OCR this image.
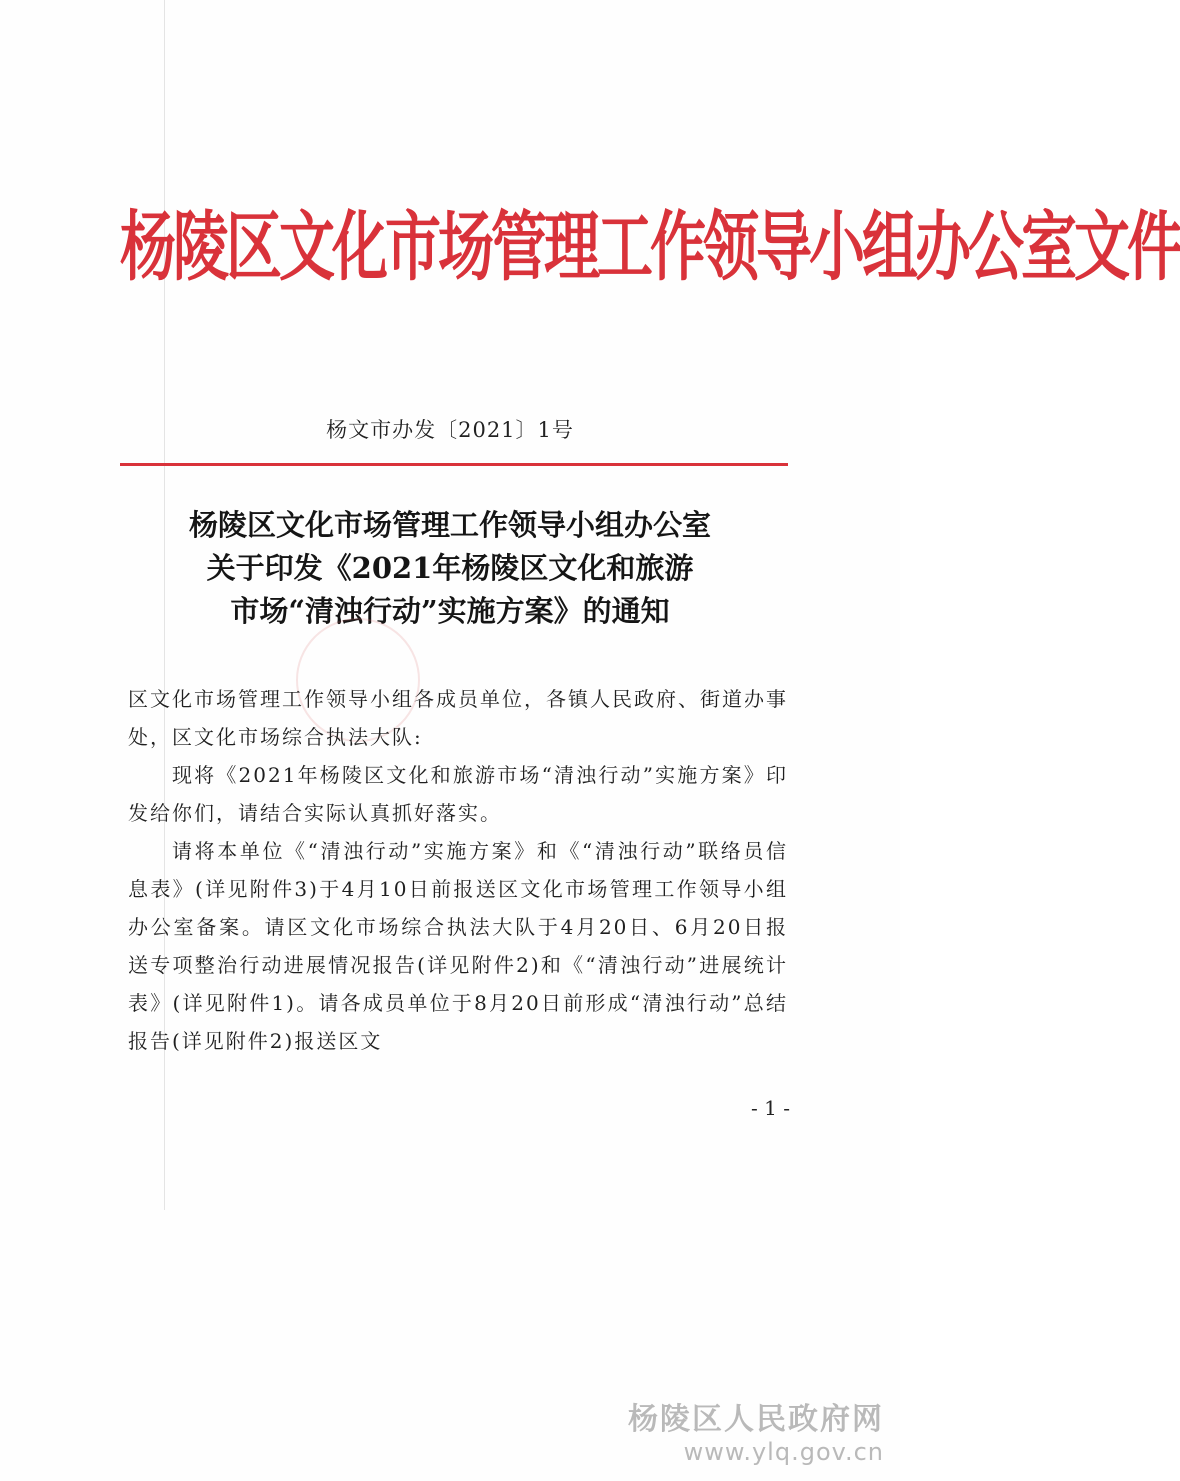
杨陵区文化市场管理工作领导小组办公室文件
杨文市办发〔2021〕1号
杨陵区文化市场管理工作领导小组办公室
关于印发《2021年杨陵区文化和旅游
市场“清浊行动”实施方案》的通知

区文化市场管理工作领导小组各成员单位，各镇人民政府、街道办事处，区文化市场综合执法大队:

现将《2021年杨陵区文化和旅游市场“清浊行动”实施方案》印发给你们，请结合实际认真抓好落实。

请将本单位《“清浊行动”实施方案》和《“清浊行动”联络员信息表》(详见附件3)于4月10日前报送区文化市场管理工作领导小组办公室备案。请区文化市场综合执法大队于4月20日、6月20日报送专项整治行动进展情况报告(详见附件2)和《“清浊行动”进展统计表》(详见附件1)。请各成员单位于8月20日前形成“清浊行动”总结报告(详见附件2)报送区文

- 1 -
杨陵区人民政府网
www.ylq.gov.cn
